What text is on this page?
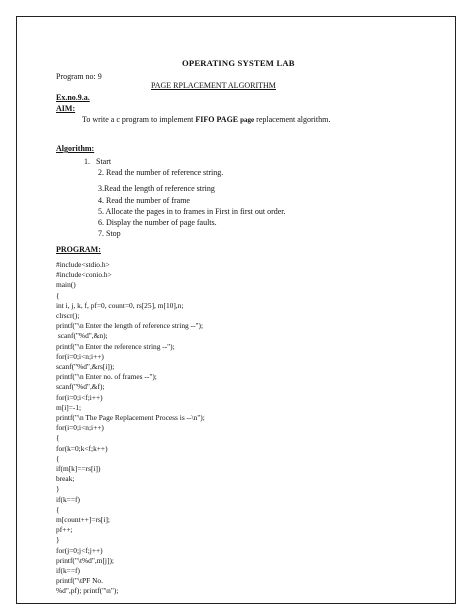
OPERATING SYSTEM LAB
Program no: 9
PAGE RPLACEMENT ALGORITHM
Ex.no.9.a.
AIM:
To write a c program to implement FIFO PAGE page replacement algorithm.
Algorithm:
1.   Start
2. Read the number of reference string.
3.Read the length of reference string
4. Read the number of frame
5. Allocate the pages in to frames in First in first out order.
6. Display the number of page faults.
7. Stop
PROGRAM:
#include<stdio.h>
#include<conio.h>
main()
{
int i, j, k, f, pf=0, count=0, rs[25], m[10],n;
clrscr();
printf("\n Enter the length of reference string --");
scanf("%d",&n);
printf("\n Enter the reference string --");
for(i=0;i<n;i++)
scanf("%d",&rs[i]);
printf("\n Enter no. of frames --");
scanf("%d",&f);
for(i=0;i<f;i++)
m[i]=-1;
printf("\n The Page Replacement Process is --\n");
for(i=0;i<n;i++)
{
for(k=0;k<f;k++)
{
if(m[k]==rs[i])
break;
}
if(k==f)
{
m[count++]=rs[i];
pf++;
}
for(j=0;j<f;j++)
printf("\t%d",m[j]);
if(k==f)
printf("\tPF No.
%d",pf); printf("\n");
